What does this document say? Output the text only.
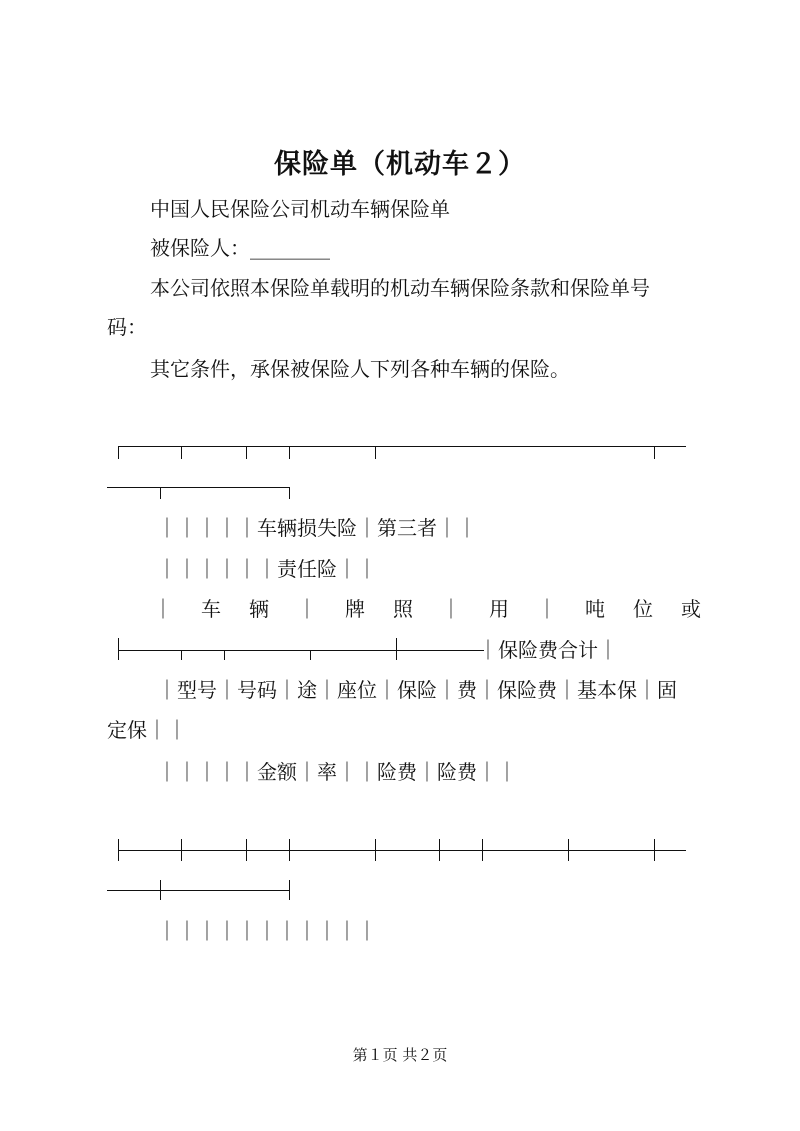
保险单（机动车２）
中国人民保险公司机动车辆保险单
被保险人：________
本公司依照本保险单载明的机动车辆保险条款和保险单号
码：
其它条件，承保被保险人下列各种车辆的保险。
｜｜｜｜｜车辆损失险｜第三者｜｜
｜｜｜｜｜｜责任险｜｜
｜ 车 辆 ｜ 牌 照 ｜ 用 ｜ 吨 位 或
｜保险费合计｜
｜型号｜号码｜途｜座位｜保险｜费｜保险费｜基本保｜固
定保｜｜
｜｜｜｜｜金额｜率｜｜险费｜险费｜｜
｜｜｜｜｜｜｜｜｜｜｜
第１页 共２页
